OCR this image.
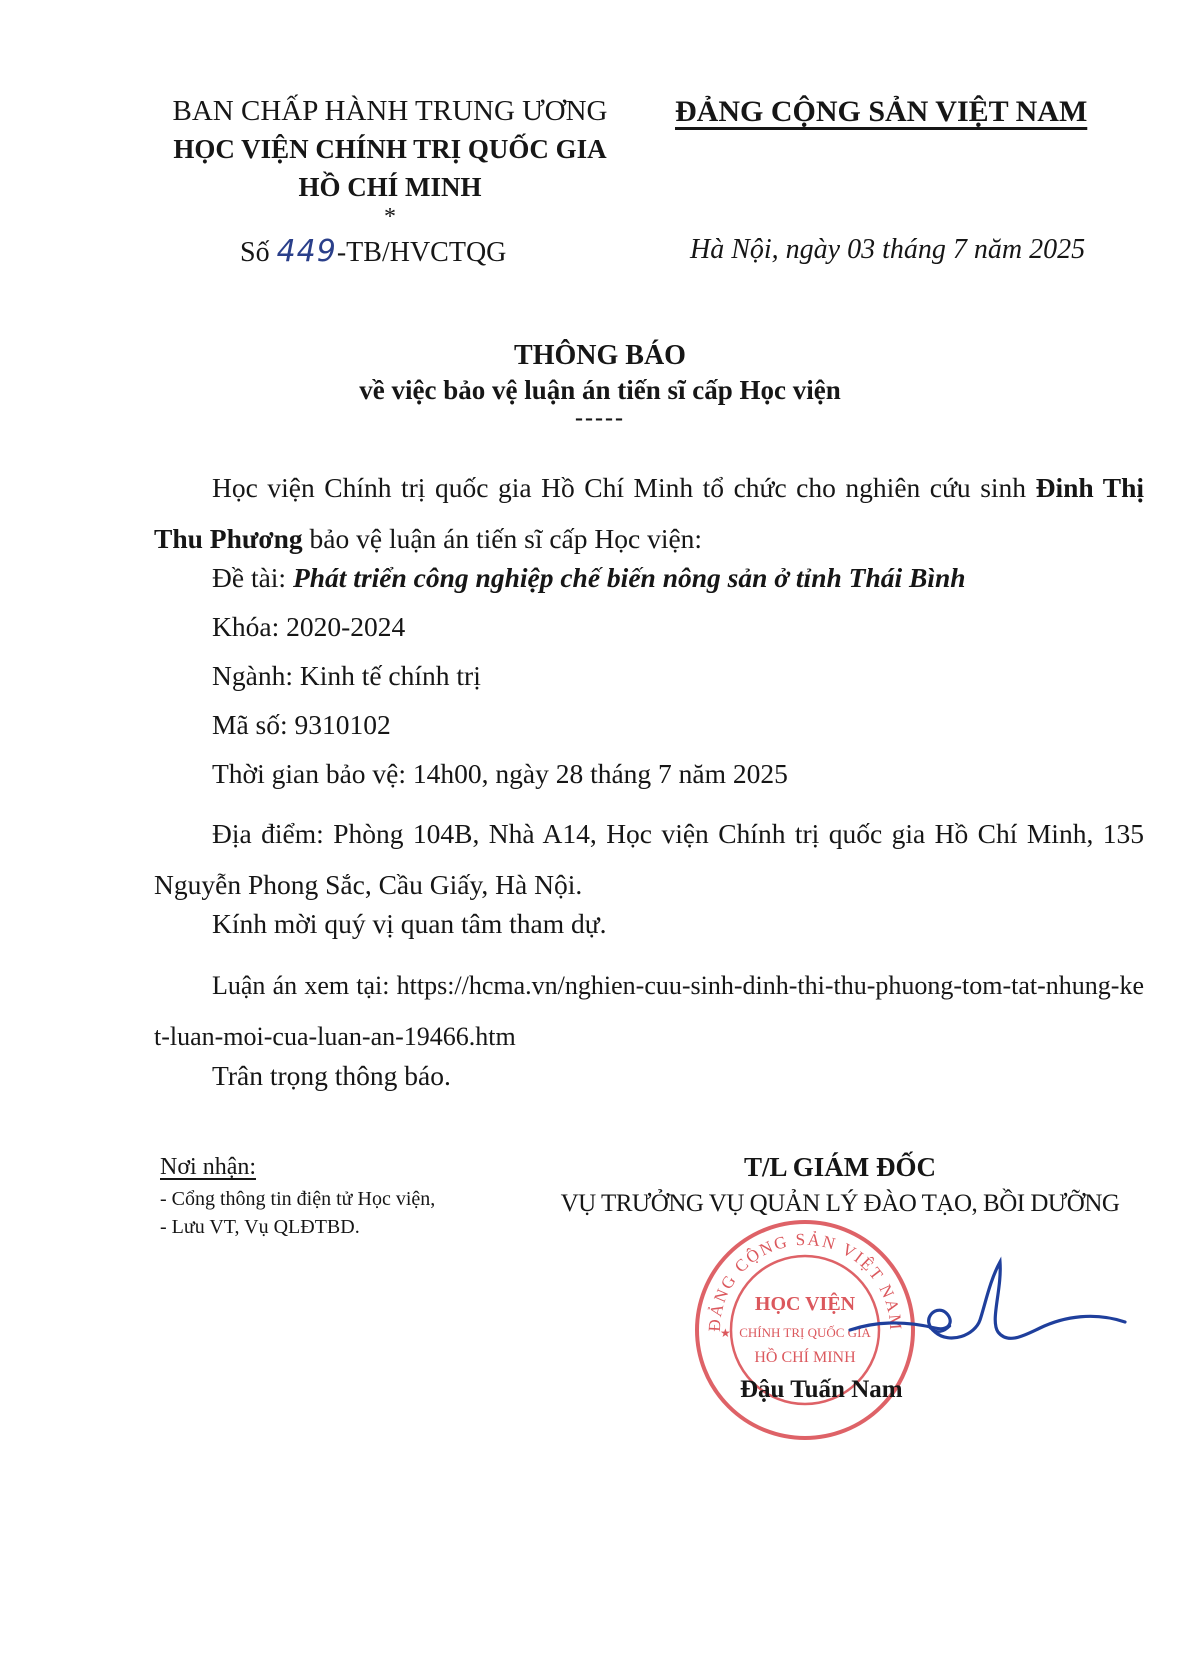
BAN CHẤP HÀNH TRUNG ƯƠNG
HỌC VIỆN CHÍNH TRỊ QUỐC GIA
HỒ CHÍ MINH
*
ĐẢNG CỘNG SẢN VIỆT NAM
Số 449-TB/HVCTQG	Hà Nội, ngày 03 tháng 7 năm 2025
THÔNG BÁO
về việc bảo vệ luận án tiến sĩ cấp Học viện
-----
Học viện Chính trị quốc gia Hồ Chí Minh tổ chức cho nghiên cứu sinh Đinh Thị Thu Phương bảo vệ luận án tiến sĩ cấp Học viện:
Đề tài: Phát triển công nghiệp chế biến nông sản ở tỉnh Thái Bình
Khóa: 2020-2024
Ngành: Kinh tế chính trị
Mã số: 9310102
Thời gian bảo vệ: 14h00, ngày 28 tháng 7 năm 2025
Địa điểm: Phòng 104B, Nhà A14, Học viện Chính trị quốc gia Hồ Chí Minh, 135 Nguyễn Phong Sắc, Cầu Giấy, Hà Nội.
Kính mời quý vị quan tâm tham dự.
Luận án xem tại: https://hcma.vn/nghien-cuu-sinh-dinh-thi-thu-phuong-tom-tat-nhung-ket-luan-moi-cua-luan-an-19466.htm
Trân trọng thông báo.
Nơi nhận:
- Cổng thông tin điện tử Học viện,
- Lưu VT, Vụ QLĐTBD.
T/L GIÁM ĐỐC
VỤ TRƯỞNG VỤ QUẢN LÝ ĐÀO TẠO, BỒI DƯỠNG
ĐẢNG CỘNG SẢN VIỆT NAM
HỌC VIỆN
CHÍNH TRỊ QUỐC GIA
HỒ CHÍ MINH
★
Đậu Tuấn Nam
